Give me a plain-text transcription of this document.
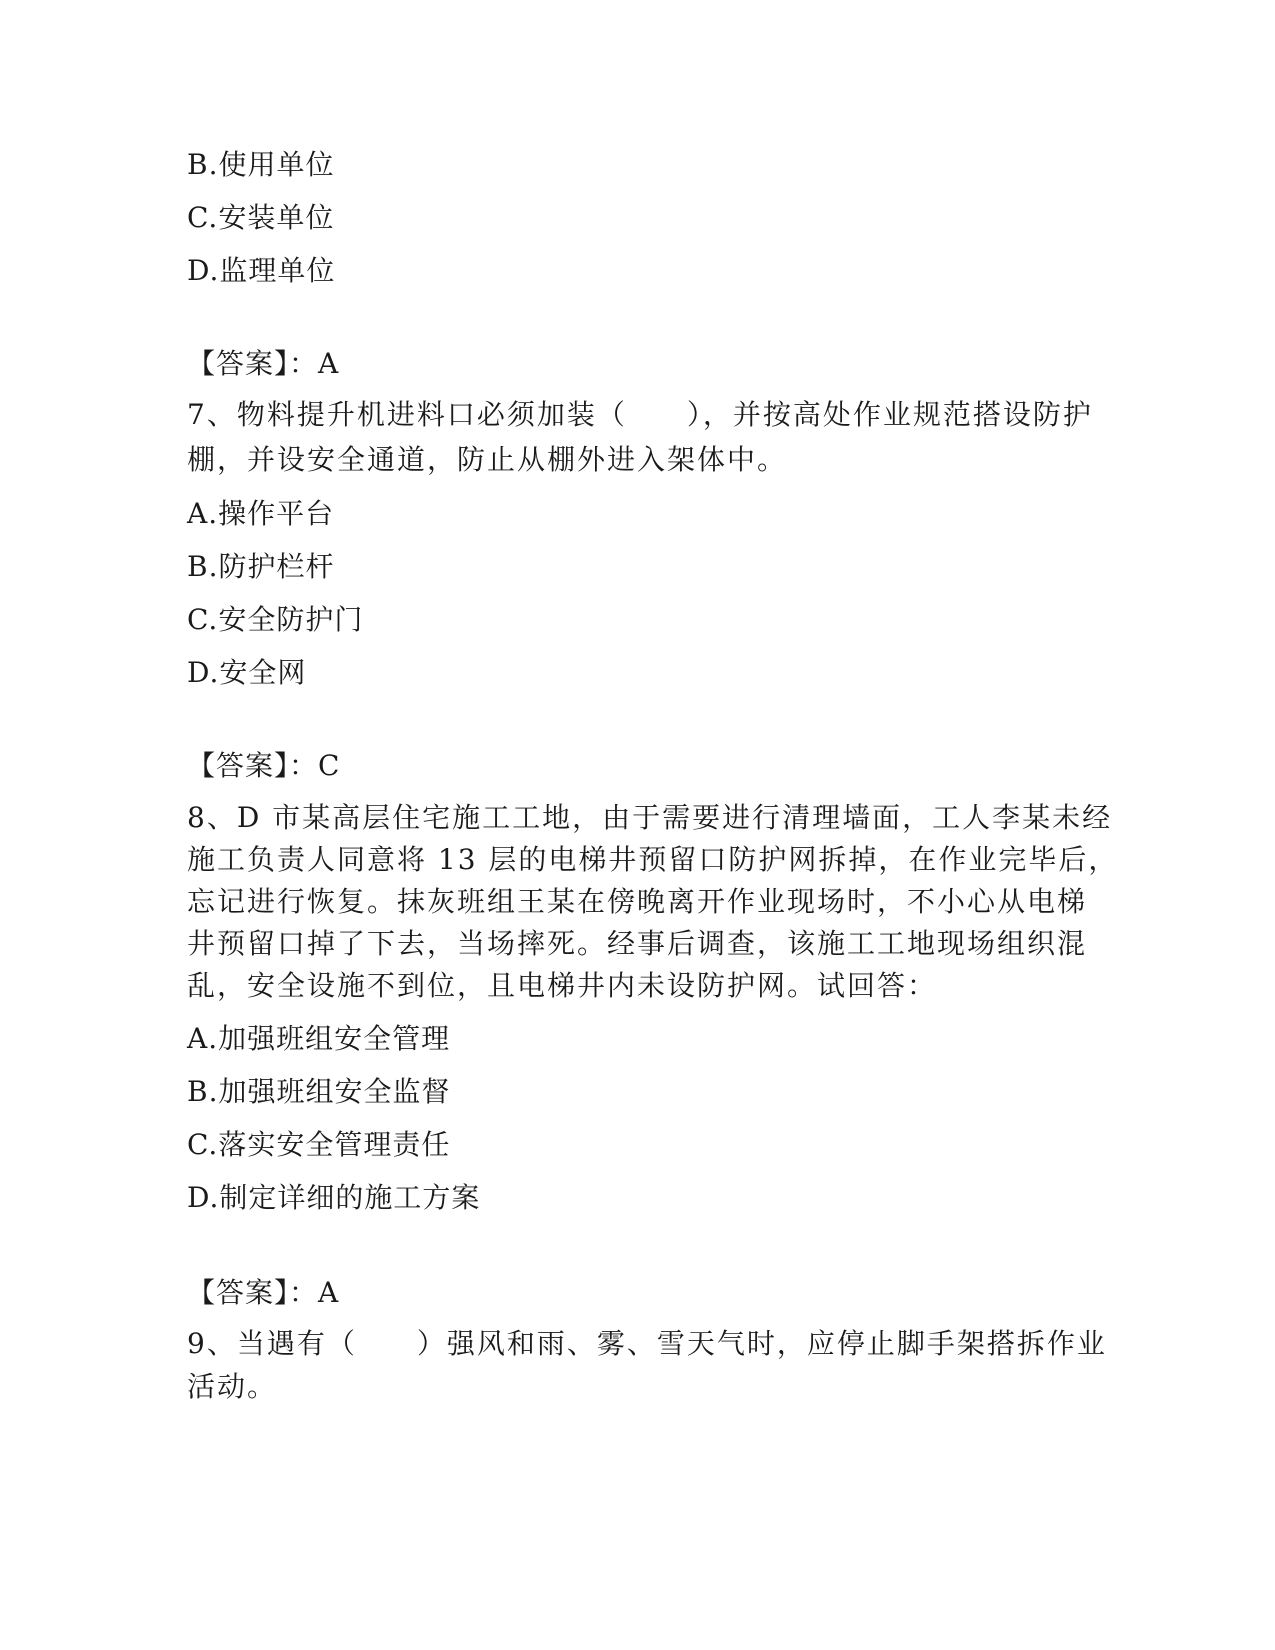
B.使用单位
C.安装单位
D.监理单位
【答案】：A
7、物料提升机进料口必须加装（　　），并按高处作业规范搭设防护
棚，并设安全通道，防止从棚外进入架体中。
A.操作平台
B.防护栏杆
C.安全防护门
D.安全网
【答案】：C
8、D 市某高层住宅施工工地，由于需要进行清理墙面，工人李某未经
施工负责人同意将 13 层的电梯井预留口防护网拆掉，在作业完毕后，
忘记进行恢复。抹灰班组王某在傍晚离开作业现场时，不小心从电梯
井预留口掉了下去，当场摔死。经事后调查，该施工工地现场组织混
乱，安全设施不到位，且电梯井内未设防护网。试回答：
A.加强班组安全管理
B.加强班组安全监督
C.落实安全管理责任
D.制定详细的施工方案
【答案】：A
9、当遇有（　　）强风和雨、雾、雪天气时，应停止脚手架搭拆作业
活动。
